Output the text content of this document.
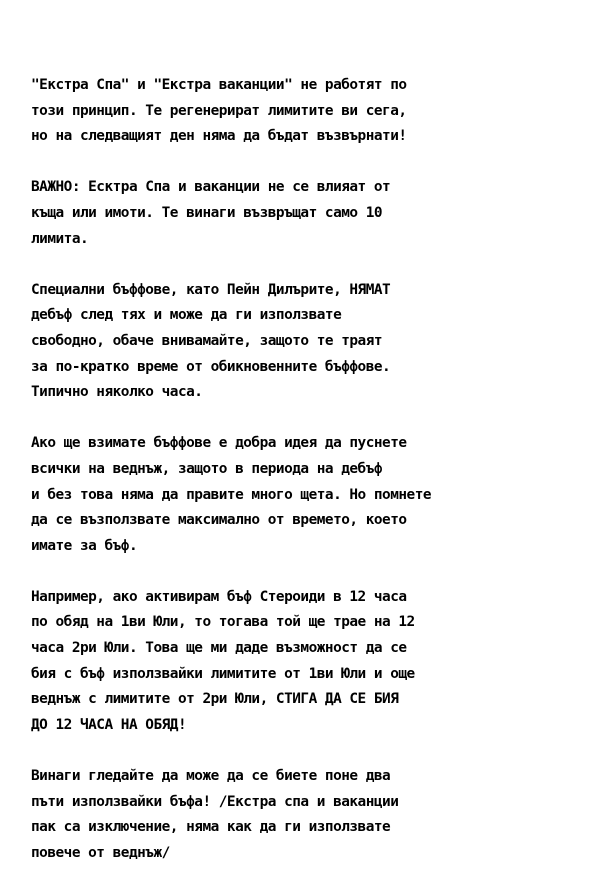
"Екстра Спа" и "Екстра ваканции" не работят по
този принцип. Те регенерират лимитите ви сега,
но на следващият ден няма да бъдат възвърнати!
ВАЖНО: Есктра Спа и ваканции не се влияат от
къща или имоти. Те винаги възвръщат само 10
лимита.
Специални бъффове, като Пейн Дилърите, НЯМАТ
дебъф след тях и може да ги използвате
свободно, обаче внивамайте, защото те траят
за по-кратко време от обикновенните бъффове.
Типично няколко часа.
Ако ще взимате бъффове е добра идея да пуснете
всички на веднъж, защото в периода на дебъф
и без това няма да правите много щета. Но помнете
да се възползвате максимално от времето, което
имате за бъф.
Например, ако активирам бъф Стероиди в 12 часа
по обяд на 1ви Юли, то тогава той ще трае на 12
часа 2ри Юли. Това ще ми даде възможност да се
бия с бъф използвайки лимитите от 1ви Юли и още
веднъж с лимитите от 2ри Юли, СТИГА ДА СЕ БИЯ
ДО 12 ЧАСА НА ОБЯД!
Винаги гледайте да може да се биете поне два
пъти използвайки бъфа! /Екстра спа и ваканции
пак са изключение, няма как да ги използвате
повече от веднъж/
